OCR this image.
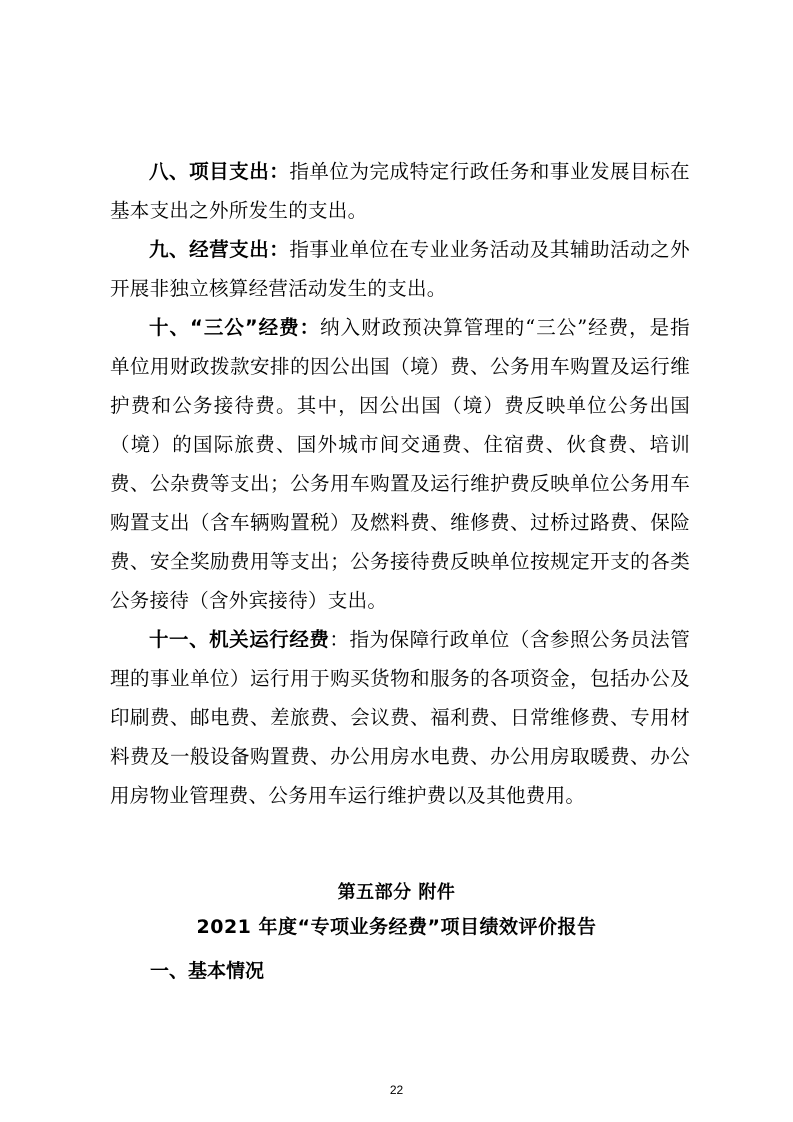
八、项目支出：指单位为完成特定行政任务和事业发展目标在基本支出之外所发生的支出。

九、经营支出：指事业单位在专业业务活动及其辅助活动之外开展非独立核算经营活动发生的支出。

十、“三公”经费：纳入财政预决算管理的“三公”经费，是指单位用财政拨款安排的因公出国（境）费、公务用车购置及运行维护费和公务接待费。其中，因公出国（境）费反映单位公务出国（境）的国际旅费、国外城市间交通费、住宿费、伙食费、培训费、公杂费等支出；公务用车购置及运行维护费反映单位公务用车购置支出（含车辆购置税）及燃料费、维修费、过桥过路费、保险费、安全奖励费用等支出；公务接待费反映单位按规定开支的各类公务接待（含外宾接待）支出。

十一、机关运行经费：指为保障行政单位（含参照公务员法管理的事业单位）运行用于购买货物和服务的各项资金，包括办公及印刷费、邮电费、差旅费、会议费、福利费、日常维修费、专用材料费及一般设备购置费、办公用房水电费、办公用房取暖费、办公用房物业管理费、公务用车运行维护费以及其他费用。

第五部分 附件

2021 年度“专项业务经费”项目绩效评价报告

一、基本情况

22
